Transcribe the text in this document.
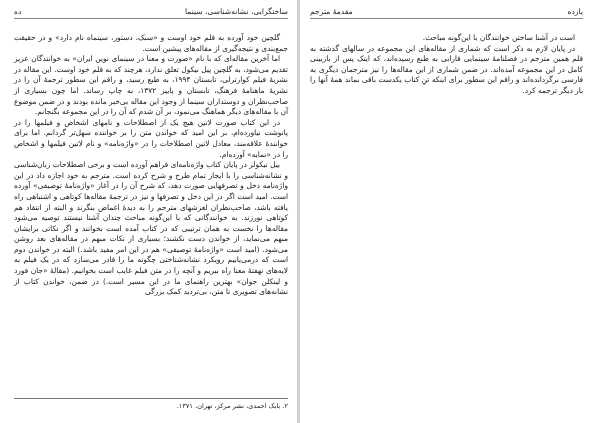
ساختگرایی، نشانه‌شناسی، سینما
ده

گلچین خود آورده به قلم خود اوست و «سبک، دستور، سینماه نام دارد» و در حقیقت جمع‌بندی و نتیجه‌گیری از مقاله‌های پیشین است.

اما آخرین مقاله‌ای که با نام «صورت و معنا در سینمای نوین ایران» به خوانندگان عزیز تقدیم می‌شود، به گلچین پیل نیکول تعلق ندارد، هرچند که به قلم خود اوست. این مقاله در نشریهٔ فیلم کوارترلی، تابستان ۱۹۹۴، به طبع رسید، و راقم این سطور ترجمهٔ آن را در نشریهٔ ماهنامهٔ فرهنگ، تابستان و پاییز ۱۳۷۲، به چاپ رساند. اما چون بسیاری از صاحب‌نظران و دوستداران سینما از وجود این مقاله بی‌خبر مانده بودند و در ضمن موضوع آن با مقاله‌های دیگر هماهنگ می‌نمود، بر آن شدم که آن را در این مجموعه بگنجانم.

در این کتاب صورت لاتین هیچ یک از اصطلاحات و نامهای اشخاص و فیلمها را در پانوشت نیاورده‌ام، بر این امید که خواندن متن را بر خواننده سهل‌تر گردانم. اما برای خوانندهٔ علاقه‌مند، معادل لاتین اصطلاحات را در «واژه‌نامه» و نام لاتین فیلمها و اشخاص را در «نمایه» آورده‌ام.

بیل نیکولز در پایان کتاب واژه‌نامه‌ای فراهم آورده است و برخی اصطلاحات زبان‌شناسی و نشانه‌شناسی را با ایجاز تمام طرح و شرح کرده است. مترجم به خود اجازه داد در این واژه‌نامه دخل و تصرفهایی صورت دهد، که شرح آن را در آغاز «واژه‌نامهٔ توصیفی» آورده است. امید است اگر در این دخل و تصرفها و نیز در ترجمهٔ مقاله‌ها کوتاهی و اشتباهی راه یافته باشد، صاحب‌نظران لغزشهای مترجم را به دیدهٔ اغماض بنگرند و البته از انتقاد هم کوتاهی نورزند. به خوانندگانی که با این‌گونه مباحث چندان آشنا نیستند توصیه می‌شود مقاله‌ها را نخست به همان ترتیبی که در کتاب آمده است بخوانند و اگر نکاتی برایشان مبهم می‌نماید، از خواندن دست نکشند؛ بسیاری از نکات مبهم در مقاله‌های بعد روشن می‌شود. (امید است «واژه‌نامهٔ توصیفی» هم در این امر مفید باشد.) البته در خواندن دوم است که درمی‌یابیم رویکرد نشانه‌شناختی چگونه ما را قادر می‌سازد که در یک فیلم به لایه‌های نهفتهٔ معنا راه ببریم و آنچه را در متن فیلم غایب است بخوانیم. (مقالهٔ «جان فورد و لینکلن جوان» بهترین راهنمای ما در این مسیر است.) در ضمن، خواندن کتاب از نشانه‌های تصویری تا متن، بی‌تردید کمک بزرگی

۲. بابک احمدی، نشر مرکز، تهران، ۱۳۷۱.
یازده
مقدمهٔ مترجم

است در آشنا ساختن خوانندگان با این‌گونه مباحث.

در پایان لازم به ذکر است که شماری از مقاله‌های این مجموعه در سالهای گذشته به قلم همین مترجم در فصلنامهٔ سینمایی فارابی به طبع رسیده‌اند، که اینک پس از بازبینی کامل در این مجموعه آمده‌اند. در ضمن شماری از این مقاله‌ها را نیز مترجمان دیگری به فارسی برگردانده‌اند و راقم این سطور برای اینکه تنِ کتاب یکدست باقی بماند همهٔ آنها را بار دیگر ترجمه کرد.
